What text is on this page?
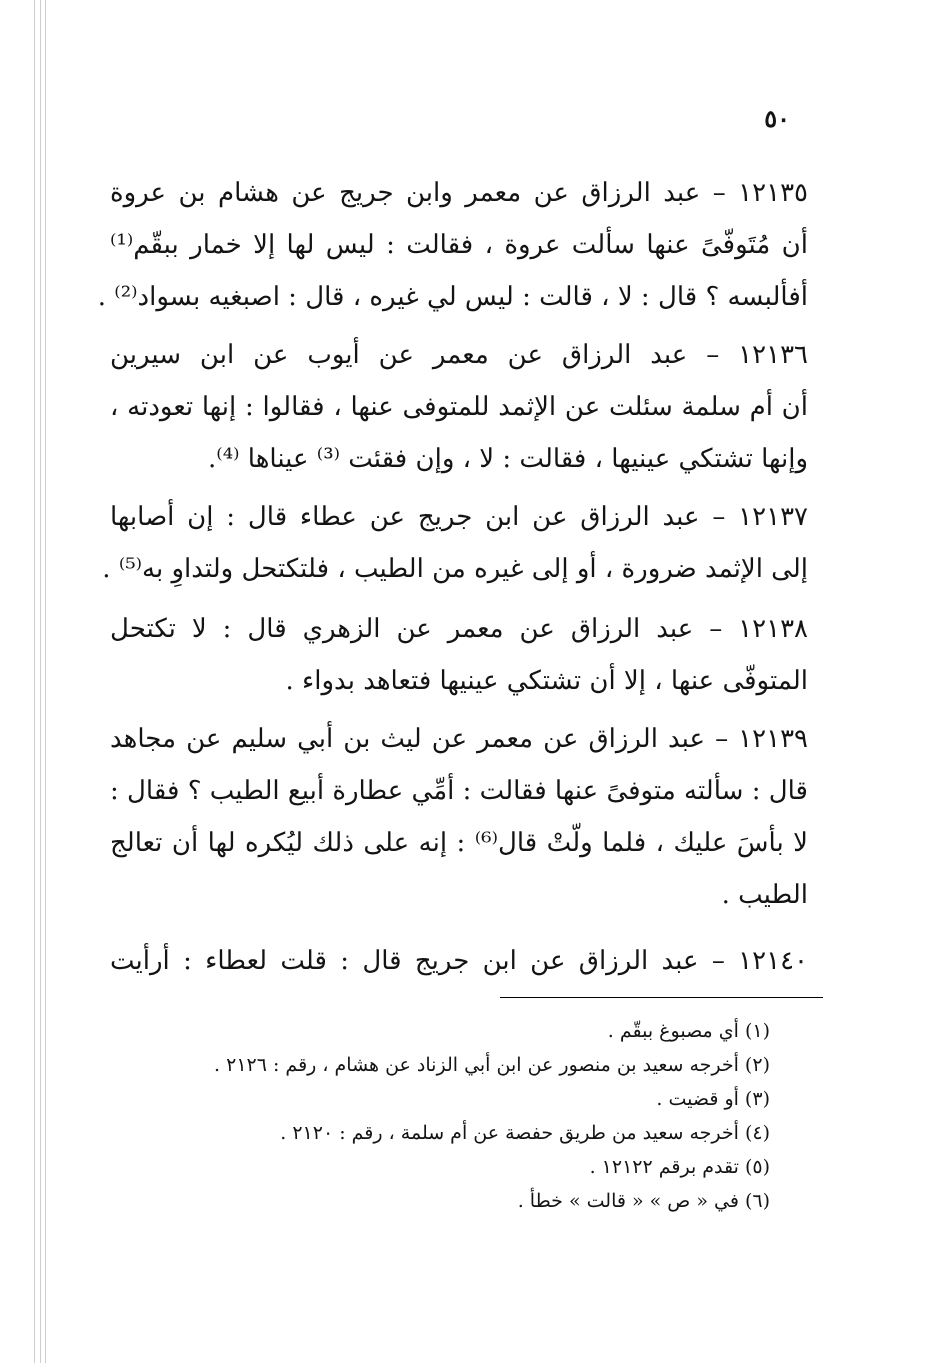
٥٠
١٢١٣٥ – عبد الرزاق عن معمر وابن جريج عن هشام بن عروة
أن مُتَوفّىً عنها سألت عروة ، فقالت : ليس لها إلا خمار ببقّم⁽¹⁾
أفألبسه ؟ قال : لا ، قالت : ليس لي غيره ، قال : اصبغيه بسواد⁽²⁾ .
١٢١٣٦ – عبد الرزاق عن معمر عن أيوب عن ابن سيرين
أن أم سلمة سئلت عن الإثمد للمتوفى عنها ، فقالوا : إنها تعودته ،
وإنها تشتكي عينيها ، فقالت : لا ، وإن فقئت ⁽³⁾ عيناها ⁽⁴⁾.
١٢١٣٧ – عبد الرزاق عن ابن جريج عن عطاء قال : إن أصابها
إلى الإثمد ضرورة ، أو إلى غيره من الطيب ، فلتكتحل ولتداوِ به⁽⁵⁾ .
١٢١٣٨ – عبد الرزاق عن معمر عن الزهري قال : لا تكتحل
المتوفّى عنها ، إلا أن تشتكي عينيها فتعاهد بدواء .
١٢١٣٩ – عبد الرزاق عن معمر عن ليث بن أبي سليم عن مجاهد
قال : سألته متوفىً عنها فقالت : أمِّي عطارة أبيع الطيب ؟ فقال :
لا بأسَ عليك ، فلما ولّتْ قال⁽⁶⁾ : إنه على ذلك ليُكره لها أن تعالج
الطيب .
١٢١٤٠ – عبد الرزاق عن ابن جريج قال : قلت لعطاء : أرأيت
(١) أي مصبوغ ببقّم .
(٢) أخرجه سعيد بن منصور عن ابن أبي الزناد عن هشام ، رقم : ٢١٢٦ .
(٣) أو قضيت .
(٤) أخرجه سعيد من طريق حفصة عن أم سلمة ، رقم : ٢١٢٠ .
(٥) تقدم برقم ١٢١٢٢ .
(٦) في « ص » « قالت » خطأ .
